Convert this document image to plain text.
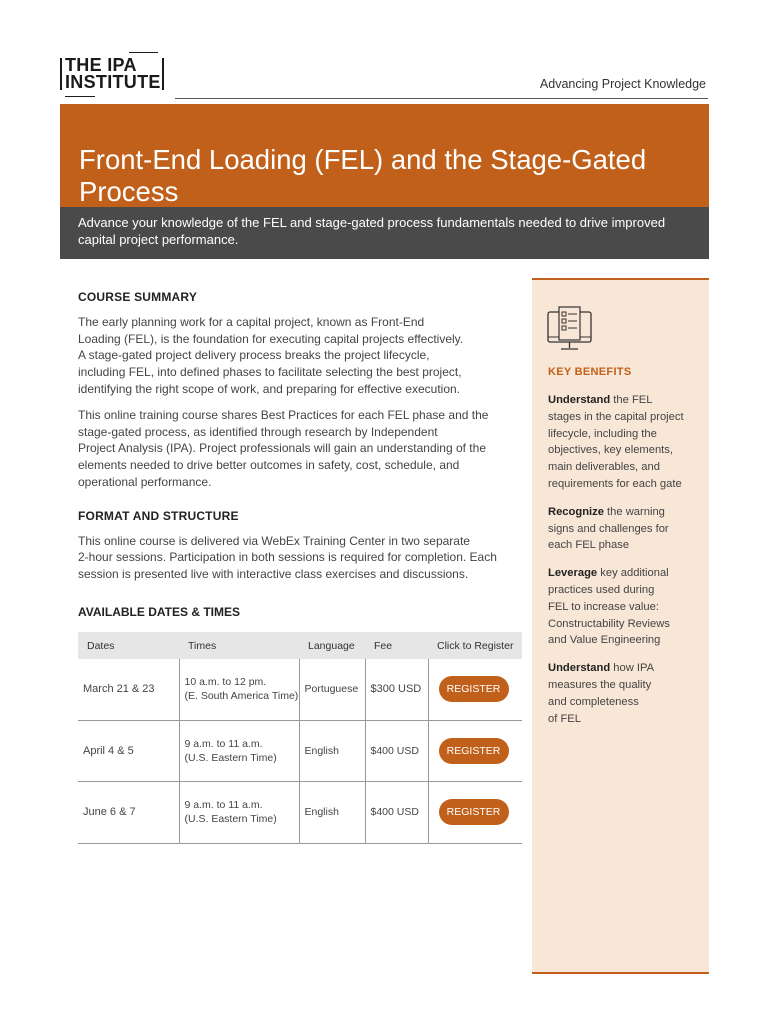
THE IPA
INSTITUTE	Advancing Project Knowledge
Front-End Loading (FEL) and the Stage-Gated Process
Advance your knowledge of the FEL and stage-gated process fundamentals needed to drive improved capital project performance.
COURSE SUMMARY
The early planning work for a capital project, known as Front-End
Loading (FEL), is the foundation for executing capital projects effectively.
A stage-gated project delivery process breaks the project lifecycle,
including FEL, into defined phases to facilitate selecting the best project,
identifying the right scope of work, and preparing for effective execution.
This online training course shares Best Practices for each FEL phase and the
stage-gated process, as identified through research by Independent
Project Analysis (IPA). Project professionals will gain an understanding of the
elements needed to drive better outcomes in safety, cost, schedule, and
operational performance.
FORMAT AND STRUCTURE
This online course is delivered via WebEx Training Center in two separate
2-hour sessions. Participation in both sessions is required for completion. Each
session is presented live with interactive class exercises and discussions.
AVAILABLE DATES & TIMES
Dates	Times	Language	Fee	Click to Register
March 21 & 23	10 a.m. to 12 pm.
(E. South America Time)	Portuguese	$300 USD	REGISTER
April 4 & 5	9 a.m. to 11 a.m.
(U.S. Eastern Time)	English	$400 USD	REGISTER
June 6 & 7	9 a.m. to 11 a.m.
(U.S. Eastern Time)	English	$400 USD	REGISTER
KEY BENEFITS
Understand the FEL
stages in the capital project
lifecycle, including the
objectives, key elements,
main deliverables, and
requirements for each gate
Recognize the warning
signs and challenges for
each FEL phase
Leverage key additional
practices used during
FEL to increase value:
Constructability Reviews
and Value Engineering
Understand how IPA
measures the quality
and completeness
of FEL
